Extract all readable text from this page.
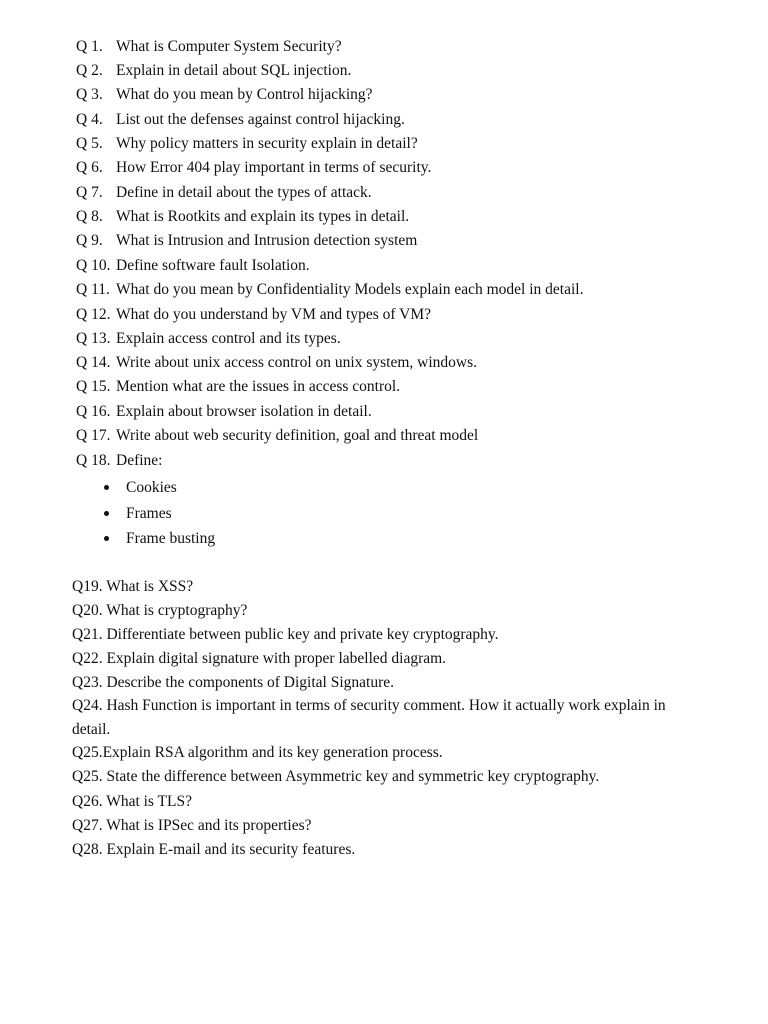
Q 1. What is Computer System Security?
Q 2. Explain in detail about SQL injection.
Q 3. What do you mean by Control hijacking?
Q 4. List out the defenses against control hijacking.
Q 5. Why policy matters in security explain in detail?
Q 6. How Error 404 play important in terms of security.
Q 7. Define in detail about the types of attack.
Q 8. What is Rootkits and explain its types in detail.
Q 9. What is Intrusion and Intrusion detection system
Q 10. Define software fault Isolation.
Q 11. What do you mean by Confidentiality Models explain each model in detail.
Q 12. What do you understand by VM and types of VM?
Q 13. Explain access control and its types.
Q 14. Write about unix access control on unix system, windows.
Q 15. Mention what are the issues in access control.
Q 16. Explain about browser isolation in detail.
Q 17. Write about web security definition, goal and threat model
Q 18. Define:
Cookies
Frames
Frame busting
Q19. What is XSS?
Q20. What is cryptography?
Q21. Differentiate between public key and private key cryptography.
Q22. Explain digital signature with proper labelled diagram.
Q23. Describe the components of Digital Signature.
Q24. Hash Function is important in terms of security comment. How it actually work explain in detail.
Q25.Explain RSA algorithm and its key generation process.
Q25. State the difference between Asymmetric key and symmetric key cryptography.
Q26. What is TLS?
Q27. What is IPSec and its properties?
Q28. Explain E-mail and its security features.
